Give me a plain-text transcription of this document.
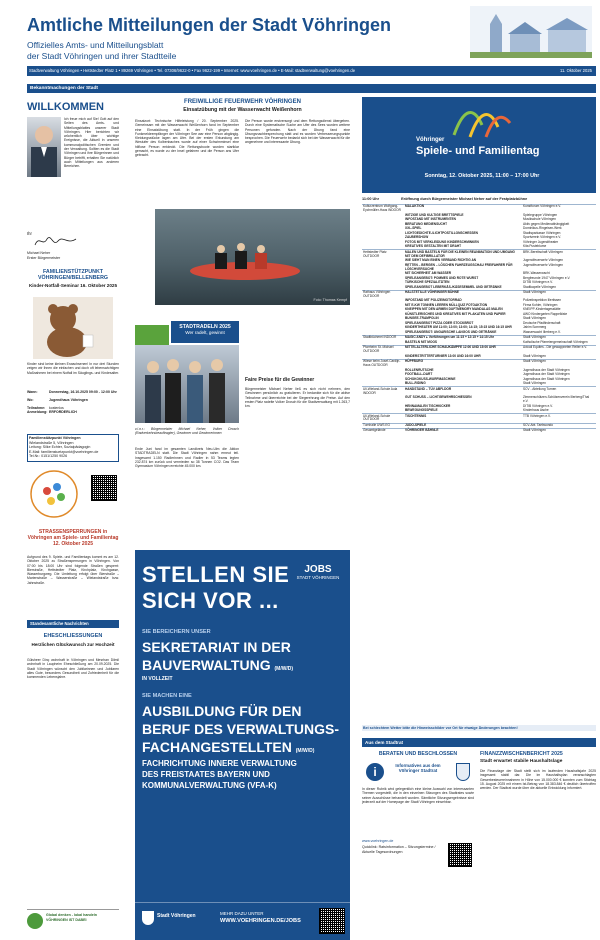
Amtliche Mitteilungen der Stadt Vöhringen
Offizielles Amts- und Mitteilungsblatt
der Stadt Vöhringen und ihrer Stadtteile
Stadtverwaltung Vöhringen • Hettstedter Platz 1 • 89269 Vöhringen • Tel. 07306/9622-0 • Fax 9622-199 • Internet: www.voehringen.de • E-Mail: stadtverwaltung@voehringen.de	11. Oktober 2025
Bekanntmachungen der Stadt
WILLKOMMEN
Ich freue mich auf Sie! Gott auf den Seiten des Amts- und Mitteilungsblattes unserer Stadt Vöhringen. Hier berichten wir wöchentlich über wichtige Ereignisse, die Aktuell in unseren kommunalpolitischen Gremien und der Verwaltung. Sollten es die Stadt Vöhringen und ihre Bürgerinnen und Bürger betrifft, erhalten Sie natürlich auch Mitteilungen aus anderen Bereichen.
Ihr
Michael Neher
Erster Bürgermeister
FAMILIENSTÜTZPUNKT VÖHRINGEN/BELLENBERG
Kinder-Notfall-Seminar 16. Oktober 2025
Kinder sind keine kleinen Erwachsenen! In nur drei Stunden zeigen wir Ihnen die einfachen und doch oft lebenswichtigen Maßnahmen bei einem Notfall im Säuglings- und Kindesalter.
Wann:	Donnerstag, 16.10.2025 09:00 - 12:00 Uhr
Wo:	Jugendhaus Vöhringen
Teilnahme: kostenlos
Anmeldung: ERFORDERLICH
Familienstützpunkt Vöhringen
Wielandstraße 5, Vöhringen
Leitung: Silke Echter, Sozialpädagogin
E-Mail: familienstuetzpunkt@voehringen.de
Tel.Nr.: 0151/1250 9026
STRASSENSPERRUNGEN in Vöhringen am Spiele- und Familientag 12. Oktober 2025
Aufgrund des 9. Spiele- und Familientags kommt es am 12. Oktober 2025 zu Straßensperrungen in Vöhringen. Von 07:00 bis 18:00 Uhr sind folgende Straßen gesperrt: Bierstraße, Hettstedter Platz, Kirchplatz, Kirchgasse, Wasserburgweg. Die Umleitung erfolgt über Bierstraße – Marienstraße – Wasserstraße – Wielandstraße bzw. Jahnstraße.
Standesamtliche Nachrichten
EHESCHLIESSUNGEN
Herzlichen Glückwunsch zur Hochzeit
Gülsheer Dinç wohnhaft in Vöhringen und Mesrhan Dilmil wohnhaft in Laupheim Eheschließung am 20.09.2025. Die Stadt Vöhringen wünscht den Jubilarinnen und Jubilaren alles Gute, besonders Gesundheit und Zufriedenheit für die kommenden Lebensjahre.
Global denken - lokal handeln VÖHRINGEN IST DABEI
FREIWILLIGE FEUERWEHR VÖHRINGEN
Einsatzübung mit der Wasserwacht Weißenhorn
Einsatzort: Technische Hilfeleistung / 20. September 2025. Gemeinsam mit der Wasserwacht Weißenhorn fand im September eine Einsatzübung statt. In der Früh gingen die Funkmeldeempfänger der Vöhringer See war eine Person abgängig. Kleidungsstücke lagen am Ufer. Bei der ersten Erkundung am Westufer des Kolbenbaches wurde auf einer Schwimminsel eine hilflose Person entdeckt. Die Rettungsboote wurden startklar gemacht, es wurde zu der Insel gefahren und die Person ans Ufer gebracht.
Die Person wurde erstversorgt und dem Rettungsdienst übergeben. Durch eine Systematische Suche am Ufer des Sees wurden weitere Personen gefunden. Nach der Übung fand eine Übungsnachbesprechung statt und es wurden Verbesserungspunkte besprochen. Die Feuerwehr bedankt sich bei der Wasserwacht für die angenehme und interessante Übung.
Foto: Thomas Kempf
STADTRADELN 2025
Wer radelt, gewinnt
v.l.n.r.: Bürgermeister Michael Neher, Volker Drosch (Radverkehrsbeauftragter), Gewinner und Gewinnerinnen
Ende Juni fand im gesamten Landkreis Neu-Ulm die Aktion STADTRADELN statt. Die Stadt Vöhringen nahm erneut teil. Insgesamt 1.150 Radlerinnen und Radler in 53 Teams legten 232.874 km zurück und vermieden so 38 Tonnen CO2. Das Team Gymnasium Vöhringen erreichte 45.000 km.
Faire Preise für die Gewinner
Bürgermeister Michael Neher ließ es sich nicht nehmen, den Gewinnern persönlich zu gratulieren. Er bedankte sich für die aktive Teilnahme und überreichte bei der Siegerehrung die Preise. Auf den ersten Platz radelte Volker Drosch für die Stadtverwaltung mit 1.263,7 km.
STELLEN SIE
SICH VOR ...
JOBS
STADT VÖHRINGEN
SIE BEREICHERN UNSER
SEKRETARIAT IN DER
BAUVERWALTUNG (M/W/D)
IN VOLLZEIT
SIE MACHEN EINE
AUSBILDUNG FÜR DEN
BERUF DES VERWALTUNGS-
FACHANGESTELLTEN (M/W/D)
FACHRICHTUNG INNERE VERWALTUNG
DES FREISTAATES BAYERN UND
KOMMUNALVERWALTUNG (VFA-K)
Stadt Vöhringen	MEHR DAZU UNTER
WWW.VOEHRINGEN.DE/JOBS
Vöhringer
Spiele- und Familientag
Sonntag, 12. Oktober 2025, 11:00 – 17:00 Uhr
11:00 Uhr	Eröffnung durch Bürgermeister Michael Neher auf der Festplatzbühne
Kulturzentrum Wolfgang-Eychmüller-Haus INDOOR	MALAKTION	Kunstforum Vöhringen e.V.
	WITZIGE UND KULTIGE BRETTSPIELE	Spielegruppe Vöhringen
	INFOSTAND MIT INSTRUMENTEN	Musikschule Vöhringen
	BERATUNG MEDIENSUCHT	Aktiv gegen Medienabhängigkeit
	XXL-SPIEL	Dominikus-Ringeisen-Werk
	LICHTGEDICHTE-/LICHTPOSTILLONSCHESSEN	Stadtsparkasse Vöhringen
	ZAUBERSHOW	Sportverein Vöhringen e.V.
	FOTOS MIT VERKLEIDUNG KINDERSCHMINKEN	Vöhringer Jugendtheater
	KREATIVES GESTALTEN MIT DRAHT	Kita Pusteblume
Hettstedter Platz OUTDOOR	MALEN UND BASTELN FÜR DIE KLEINEN REANIMATION UND UMGANG MIT DEM DEFIBRILLATOR	BRK-Bereitschaft Vöhringen
	WIE SIEHT MAN EINEN VERBAND RICHTIG AN	Jugendfeuerwehr Vöhringen
	RETTEN – BERGEN – LÖSCHEN FAHRZEUGSCHAU FREIFAHRER FÜR LÖSCHVERSUCHE	Jugendfeuerwehr Vöhringen
	MIT SICHERHEIT AM WASSER	BRK-Wasserwacht
	SPIELEANGEBOT: POMMES UND ROTE WURST	Bergfreunde 1947 Vöhringen e.V.
	TÜRKISCHE SPEZIALITÄTEN	DITIB Vöhringen e.V.
	SPIELEANGEBOT LEBERKÄS-/KÄSESEMMEL UND GETRÄNKE	Stadtkapelle Vöhringen
Rathaus Vöhringen OUTDOOR	HALSTETILLE VÖHRINGER BÜHNE	Stadt Vöhringen
	INFOSTAND MIT POLIZEIMOTORRAD	Polizeiinspektion Illertissen
	MIT E-KW TONNEN LEEREN MÜLLQUIZ FOTOAKTION	Firma Kohler, Vöhringen
	KNEIPPEN MIT DEN ARMEN DUFTMEMORY MANDALAS MALEN	KNEIPP-Kindertagesstätte
	KÜNSTLERISCHES UND KREATIVES MIT PLAKATEN UND PAPIER	AWO Kindergarten Rappelkiste
	BUNGEE-TRAMPOLIN	Stadt Vöhringen
	SPIELEANGEBOT PIZZA ODER STOCKBROT	Deutsche Pfadfinderschaft
	KINDERTHEATER UM 11:00; 12:00; 13:00; 14:15; 15:15 UND 16:15 UHR	Jahim Sommerg
	SPIELEANGEBOT: UNGARISCHE LANGOS UND GETRÄNKE	Wasserwacht Illerberg e.V.
Stadtbücherei INDOOR	MAGIC ANDY ▸ Vorführungen um 11:15 + 12:15 + 14:15 Uhr	Stadt Vöhringen
	BASTELN MIT MOOS	Katholische Pfarreiengemeinschaft Vöhringen
Pfarrheim St. Michael OUTDOOR	MITTELALTERLICHE SCHAUKÄMPFE 12:00 UND 15:00 UHR	Avicali Equites - Die gewappneten Reiter e.V.
	KINDERSTRITTERTURNIER 13:00 UND 16:00 UHR	Stadt Vöhringen
Wiese beim Josef-Cardijn-Haus OUTDOOR	HÜPFBURG	Stadt Vöhringen
	ROLLENRUTSCHE	Jugendhaus der Stadt Vöhringen
	FOOTBALL-DART	Jugendhaus der Stadt Vöhringen
	SCHOKOKUSS-WURFMASCHINE	Jugendhaus der Stadt Vöhringen
	BULL-RIDING	Stadt Vöhringen
Uli-Wieland-Schule Aula INDOOR	HANDSTAND – TÜV ABFLDOR	SCV - Abteilung Turnen
	GUT SCHUSS – LICHTGEWEHRSCHIESSEN	Zimmerschützen-Schützenverein Illerberg/Thal e.V.
	HENNAMALEN TISCHKICKER	DITIB Vöhringen e.V.
	BEWEGUNGSSPIELE	Kinderhaus Asche
Uli-Wieland-Schule OUTDOOR	TISCHTENNIS	TTB Vöhringen e.V.
Turnhalle UWS EG	JUDO-SPIELE	SCV-Abt. Taekwondo
Gesamtgelände	VÖHRINGER BÄHNLE	Stadt Vöhringen
Bei schlechtem Wetter bitte die Hinweisschilder vor Ort für etwaige Änderungen beachten!
Aus dem Stadtrat
BERATEN UND BESCHLOSSEN
i	Informatives aus dem Vöhringer Stadtrat
In dieser Rubrik wird gelegentlich eine kleine Auswahl von interessanten Themen vorgestellt, die in den einzelnen Sitzungen des Stadtrates sowie seiner Ausschüsse behandelt wurden. Sämtliche Sitzungsergebnisse sind jederzeit auf der Homepage der Stadt Vöhringen einsehbar.
www.voehringen.de
Quicklink: Ratsinformation – Sitzungstermine / Aktuelle Tagesordnungen
FINANZZWISCHENBERICHT 2025
Stadt erwartet stabile Haushaltslage
Die Finanzlage der Stadt stellt sich im laufenden Haushaltsjahr 2025 insgesamt stabil dar. Die im Haushaltsplan veranschlagten Gewerbesteuereinnahmen in Höhe von 15.000.000 € konnten zum Stichtag 15. August 2025 mit einem Ist-Betrag von 18.383.846 € deutlich übertroffen werden. Der Stadtrat wurde über die aktuelle Entwicklung informiert.
